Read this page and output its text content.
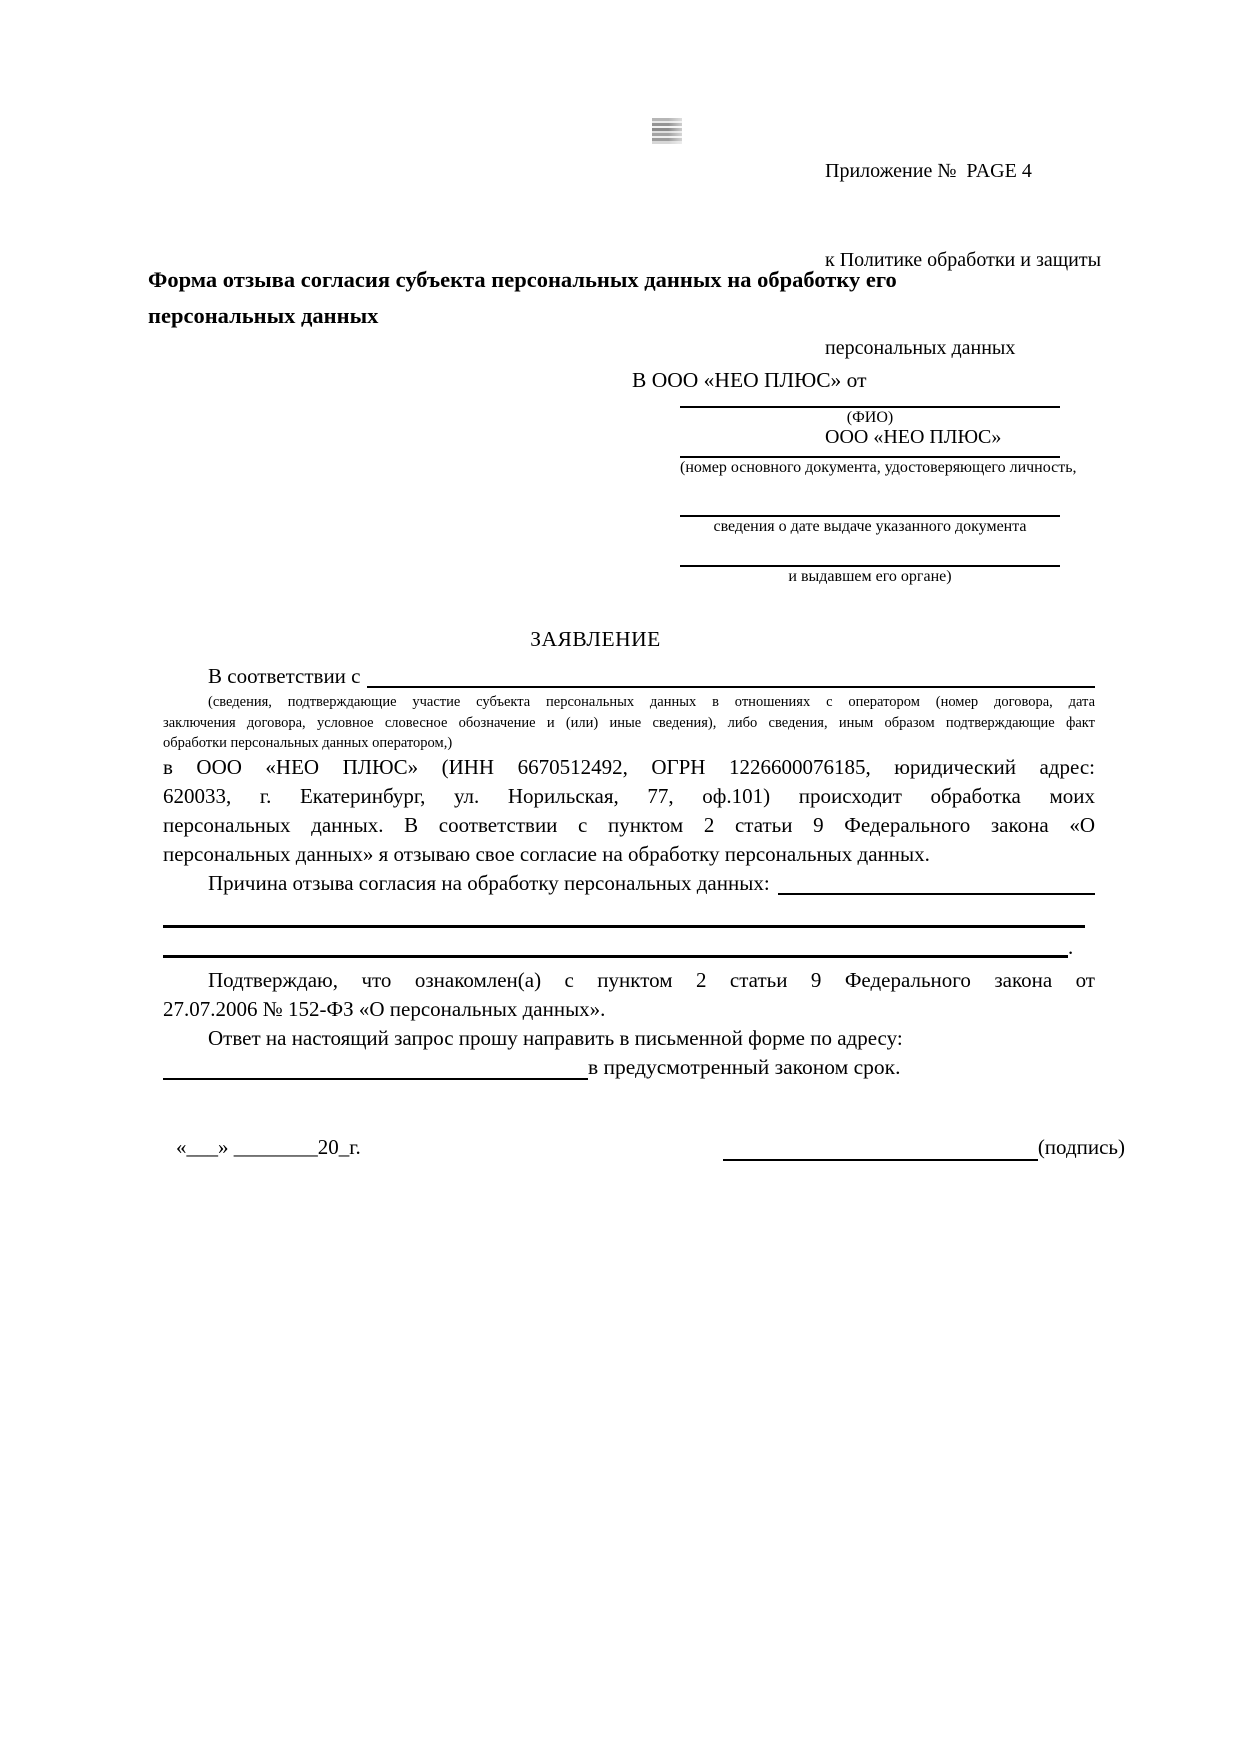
Приложение №  PAGE 4

к Политике обработки и защиты

персональных данных

ООО «НЕО ПЛЮС»

Форма отзыва согласия субъекта персональных данных на обработку его
персональных данных
В ООО «НЕО ПЛЮС» от
(ФИО)
(номер основного документа, удостоверяющего личность,
сведения о дате выдаче указанного документа
и выдавшем его органе)
ЗАЯВЛЕНИЕ
В соответствии с
(сведения, подтверждающие участие субъекта персональных данных в отношениях с оператором (номер договора, дата
заключения договора, условное словесное обозначение и (или) иные сведения), либо сведения, иным образом подтверждающие факт
обработки персональных данных оператором,)
в ООО «НЕО ПЛЮС» (ИНН 6670512492, ОГРН 1226600076185, юридический адрес:
620033, г. Екатеринбург, ул. Норильская, 77, оф.101) происходит обработка моих
персональных данных. В соответствии с пунктом 2 статьи 9 Федерального закона «О
персональных данных» я отзываю свое согласие на обработку персональных данных.
Причина отзыва согласия на обработку персональных данных:
.
Подтверждаю, что ознакомлен(а) с пунктом 2 статьи 9 Федерального закона от
27.07.2006 № 152-ФЗ «О персональных данных».
Ответ на настоящий запрос прошу направить в письменной форме по адресу:
в предусмотренный законом срок.
«___» ________20_г.	(подпись)
